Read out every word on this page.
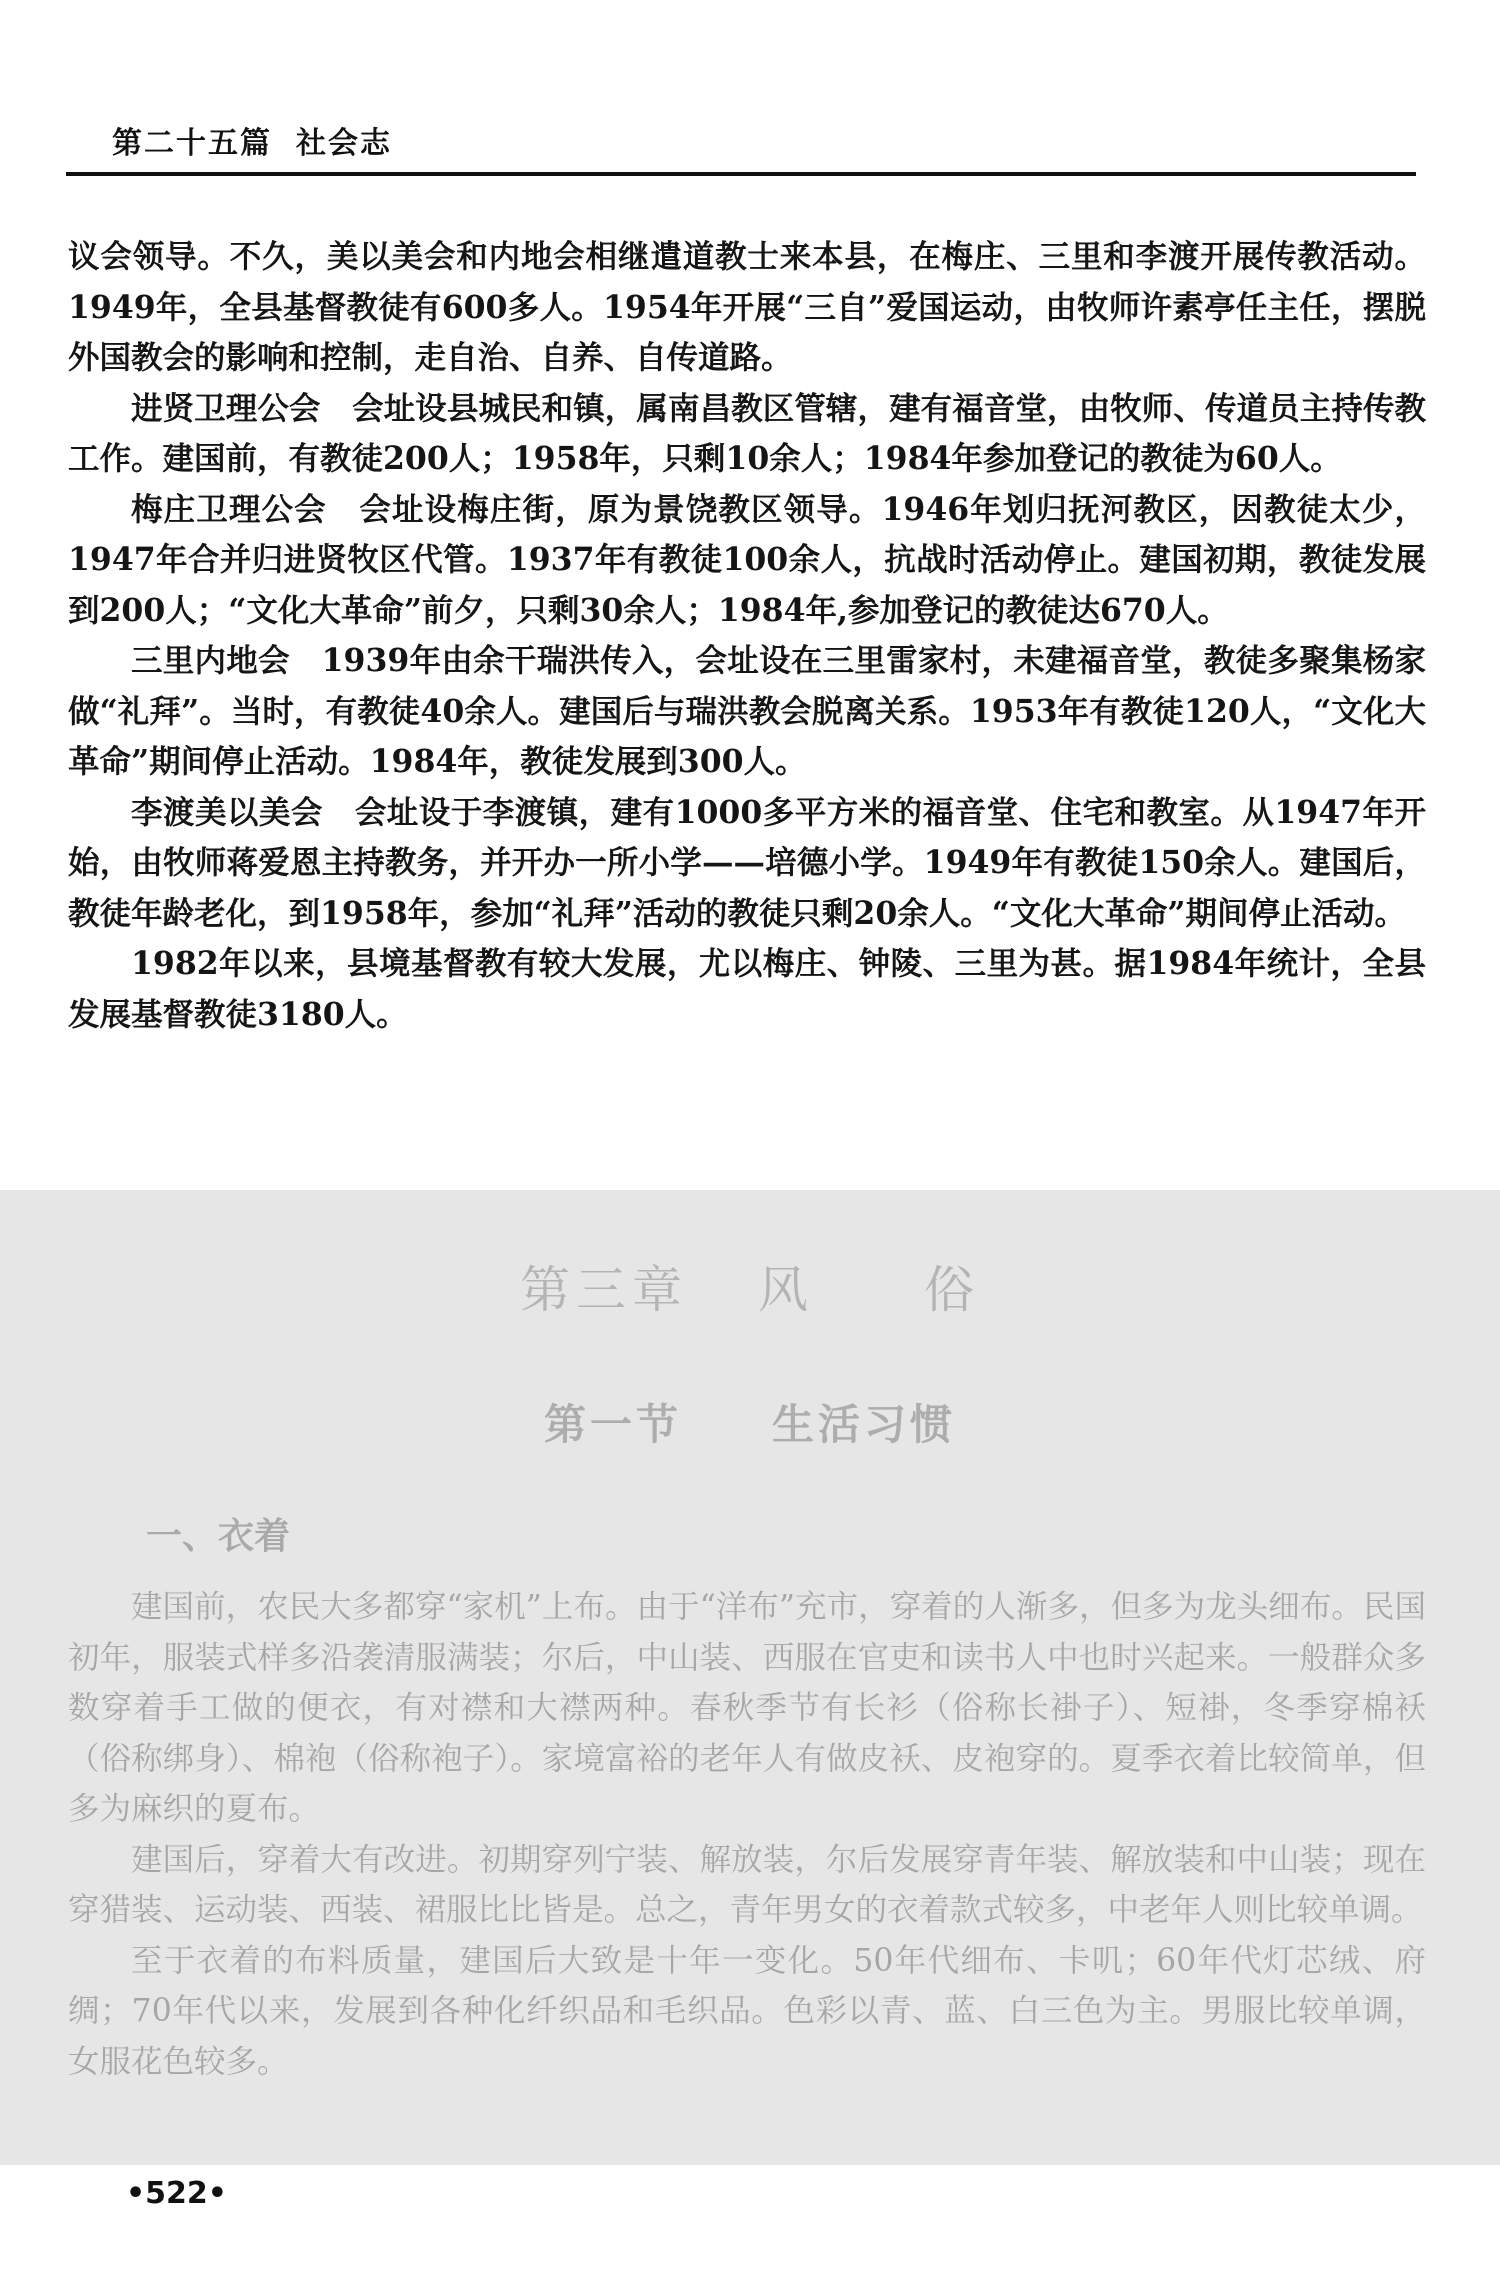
第二十五篇 社会志

议会领导。不久，美以美会和内地会相继遣道教士来本县，在梅庄、三里和李渡开展传教活动。1949年，全县基督教徒有600多人。1954年开展“三自”爱国运动，由牧师许素亭任主任，摆脱外国教会的影响和控制，走自治、自养、自传道路。

进贤卫理公会　会址设县城民和镇，属南昌教区管辖，建有福音堂，由牧师、传道员主持传教工作。建国前，有教徒200人；1958年，只剩10余人；1984年参加登记的教徒为60人。

梅庄卫理公会　会址设梅庄街，原为景饶教区领导。1946年划归抚河教区，因教徒太少，1947年合并归进贤牧区代管。1937年有教徒100余人，抗战时活动停止。建国初期，教徒发展到200人；“文化大革命”前夕，只剩30余人；1984年,参加登记的教徒达670人。

三里内地会　1939年由余干瑞洪传入，会址设在三里雷家村，未建福音堂，教徒多聚集杨家做“礼拜”。当时，有教徒40余人。建国后与瑞洪教会脱离关系。1953年有教徒120人，“文化大革命”期间停止活动。1984年，教徒发展到300人。

李渡美以美会　会址设于李渡镇，建有1000多平方米的福音堂、住宅和教室。从1947年开始，由牧师蒋爱恩主持教务，并开办一所小学——培德小学。1949年有教徒150余人。建国后，教徒年龄老化，到1958年，参加“礼拜”活动的教徒只剩20余人。“文化大革命”期间停止活动。

1982年以来，县境基督教有较大发展，尤以梅庄、钟陵、三里为甚。据1984年统计，全县发展基督教徒3180人。

第三章 风 俗
第一节 生活习惯
一、衣着

建国前，农民大多都穿“家机”上布。由于“洋布”充市，穿着的人渐多，但多为龙头细布。民国初年，服装式样多沿袭清服满装；尔后，中山装、西服在官吏和读书人中也时兴起来。一般群众多数穿着手工做的便衣，有对襟和大襟两种。春秋季节有长衫（俗称长褂子）、短褂，冬季穿棉袄（俗称绑身）、棉袍（俗称袍子）。家境富裕的老年人有做皮袄、皮袍穿的。夏季衣着比较简单，但多为麻织的夏布。

建国后，穿着大有改进。初期穿列宁装、解放装，尔后发展穿青年装、解放装和中山装；现在穿猎装、运动装、西装、裙服比比皆是。总之，青年男女的衣着款式较多，中老年人则比较单调。

至于衣着的布料质量，建国后大致是十年一变化。50年代细布、卡叽；60年代灯芯绒、府绸；70年代以来，发展到各种化纤织品和毛织品。色彩以青、蓝、白三色为主。男服比较单调，女服花色较多。

•522•
